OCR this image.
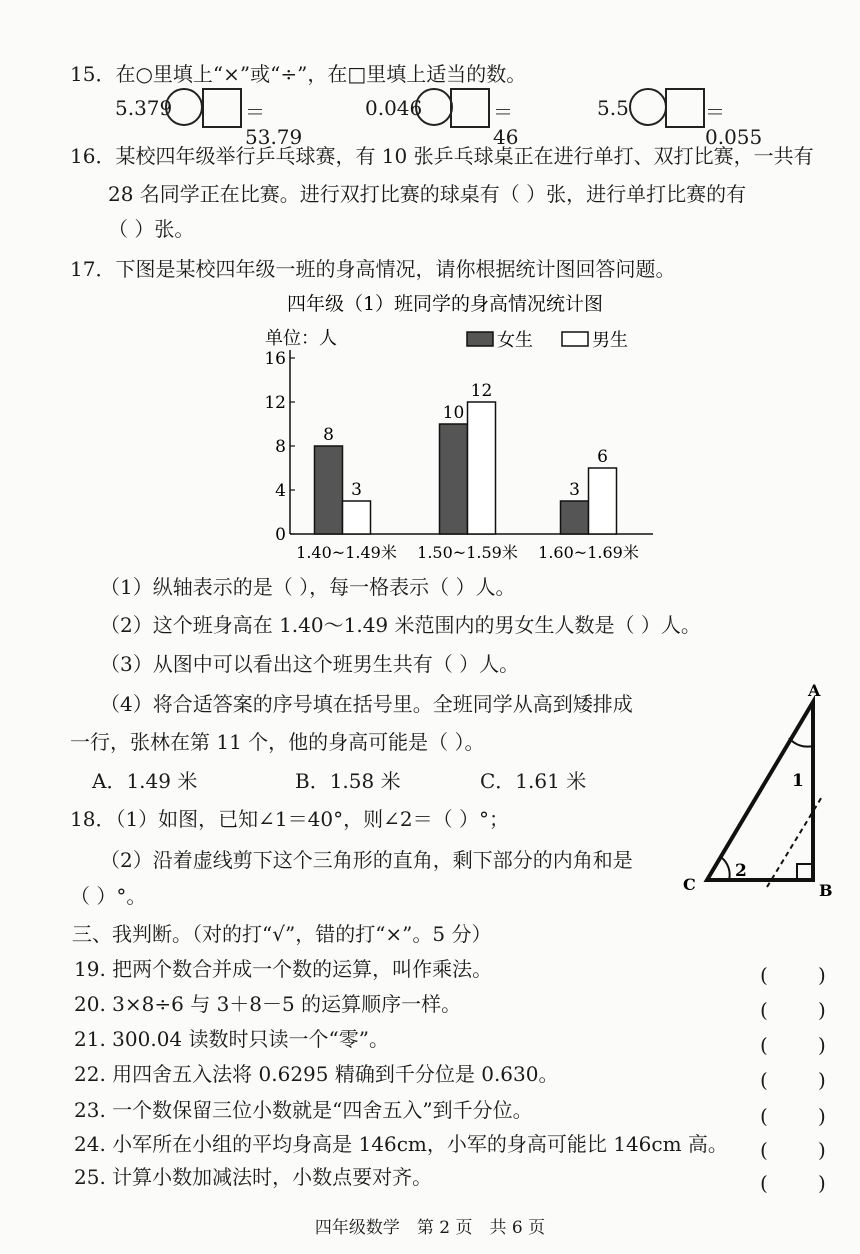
15．在○里填上“×”或“÷”，在□里填上适当的数。
5.379	＝53.79
0.046	＝46
5.5	＝0.055
16．某校四年级举行乒乓球赛，有 10 张乒乓球桌正在进行单打、双打比赛，一共有
28 名同学正在比赛。进行双打比赛的球桌有（ ）张，进行单打比赛的有
（ ）张。
17．下图是某校四年级一班的身高情况，请你根据统计图回答问题。
四年级（1）班同学的身高情况统计图
单位：人	女生	男生
0
4
8
12
16
8
3
1.40~1.49米
10
12
1.50~1.59米
3
6
1.60~1.69米
（1）纵轴表示的是（ ），每一格表示（ ）人。
（2）这个班身高在 1.40～1.49 米范围内的男女生人数是（ ）人。
（3）从图中可以看出这个班男生共有（ ）人。
（4）将合适答案的序号填在括号里。全班同学从高到矮排成
一行，张林在第 11 个，他的身高可能是（ ）。
A．1.49 米	B．1.58 米	C．1.61 米
18．（1）如图，已知∠1＝40°，则∠2＝（ ）°；
（2）沿着虚线剪下这个三角形的直角，剩下部分的内角和是
（ ）°。
A
B
C
1
2
三、我判断。（对的打“√”，错的打“×”。5 分）
19. 把两个数合并成一个数的运算，叫作乘法。	(	)
20. 3×8÷6 与 3＋8－5 的运算顺序一样。	(	)
21. 300.04 读数时只读一个“零”。	(	)
22. 用四舍五入法将 0.6295 精确到千分位是 0.630。	(	)
23. 一个数保留三位小数就是“四舍五入”到千分位。	(	)
24. 小军所在小组的平均身高是 146cm，小军的身高可能比 146cm 高。 (	)
25. 计算小数加减法时，小数点要对齐。	(	)
四年级数学　第 2 页　共 6 页
